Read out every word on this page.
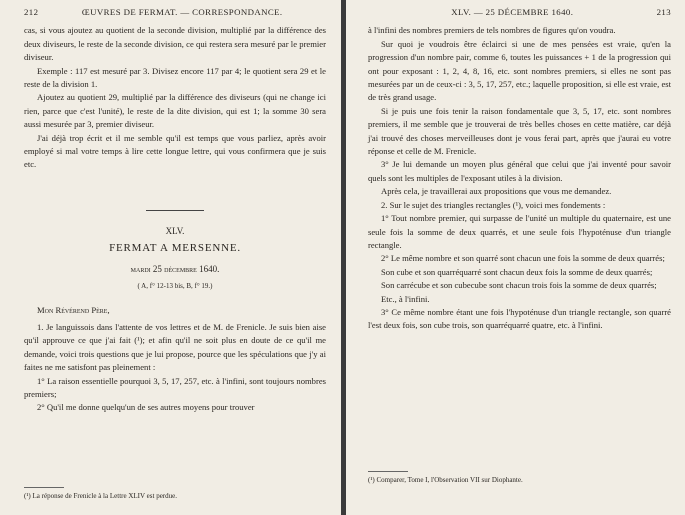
212	ŒUVRES DE FERMAT. — CORRESPONDANCE.

cas, si vous ajoutez au quotient de la seconde division, multiplié par la différence des deux diviseurs, le reste de la seconde division, ce qui restera sera mesuré par le premier diviseur.

Exemple : 117 est mesuré par 3. Divisez encore 117 par 4; le quotient sera 29 et le reste de la division 1.

Ajoutez au quotient 29, multiplié par la différence des diviseurs (qui ne change ici rien, parce que c'est l'unité), le reste de la dite division, qui est 1; la somme 30 sera aussi mesurée par 3, premier diviseur.

J'ai déjà trop écrit et il me semble qu'il est temps que vous parliez, après avoir employé si mal votre temps à lire cette longue lettre, qui vous confirmera que je suis etc.

XLV.
FERMAT A MERSENNE.
mardi 25 décembre 1640.
( A, f° 12-13 bis, B, f° 19.)
Mon Révérend Père,

1. Je languissois dans l'attente de vos lettres et de M. de Frenicle. Je suis bien aise qu'il approuve ce que j'ai fait (¹); et afin qu'il ne soit plus en doute de ce qu'il me demande, voici trois questions que je lui propose, pource que les spéculations que j'y ai faites ne me satisfont pas pleinement :

1° La raison essentielle pourquoi 3, 5, 17, 257, etc. à l'infini, sont toujours nombres premiers;

2° Qu'il me donne quelqu'un de ses autres moyens pour trouver

(¹) La réponse de Frenicle à la Lettre XLIV est perdue.
XLV. — 25 DÉCEMBRE 1640.	213

à l'infini des nombres premiers de tels nombres de figures qu'on voudra.

Sur quoi je voudrois être éclairci si une de mes pensées est vraie, qu'en la progression d'un nombre pair, comme 6, toutes les puissances + 1 de la progression qui ont pour exposant : 1, 2, 4, 8, 16, etc. sont nombres premiers, si elles ne sont pas mesurées par un de ceux-ci : 3, 5, 17, 257, etc.; laquelle proposition, si elle est vraie, est de très grand usage.

Si je puis une fois tenir la raison fondamentale que 3, 5, 17, etc. sont nombres premiers, il me semble que je trouverai de très belles choses en cette matière, car déjà j'ai trouvé des choses merveilleuses dont je vous ferai part, après que j'aurai eu votre réponse et celle de M. Frenicle.

3° Je lui demande un moyen plus général que celui que j'ai inventé pour savoir quels sont les multiples de l'exposant utiles à la division.

Après cela, je travaillerai aux propositions que vous me demandez.

2. Sur le sujet des triangles rectangles (¹), voici mes fondements :

1° Tout nombre premier, qui surpasse de l'unité un multiple du quaternaire, est une seule fois la somme de deux quarrés, et une seule fois l'hypoténuse d'un triangle rectangle.

2° Le même nombre et son quarré sont chacun une fois la somme de deux quarrés;

Son cube et son quarréquarré sont chacun deux fois la somme de deux quarrés;

Son carrécube et son cubecube sont chacun trois fois la somme de deux quarrés;

Etc., à l'infini.

3° Ce même nombre étant une fois l'hypoténuse d'un triangle rectangle, son quarré l'est deux fois, son cube trois, son quarréquarré quatre, etc. à l'infini.

(¹) Comparer, Tome I, l'Observation VII sur Diophante.
